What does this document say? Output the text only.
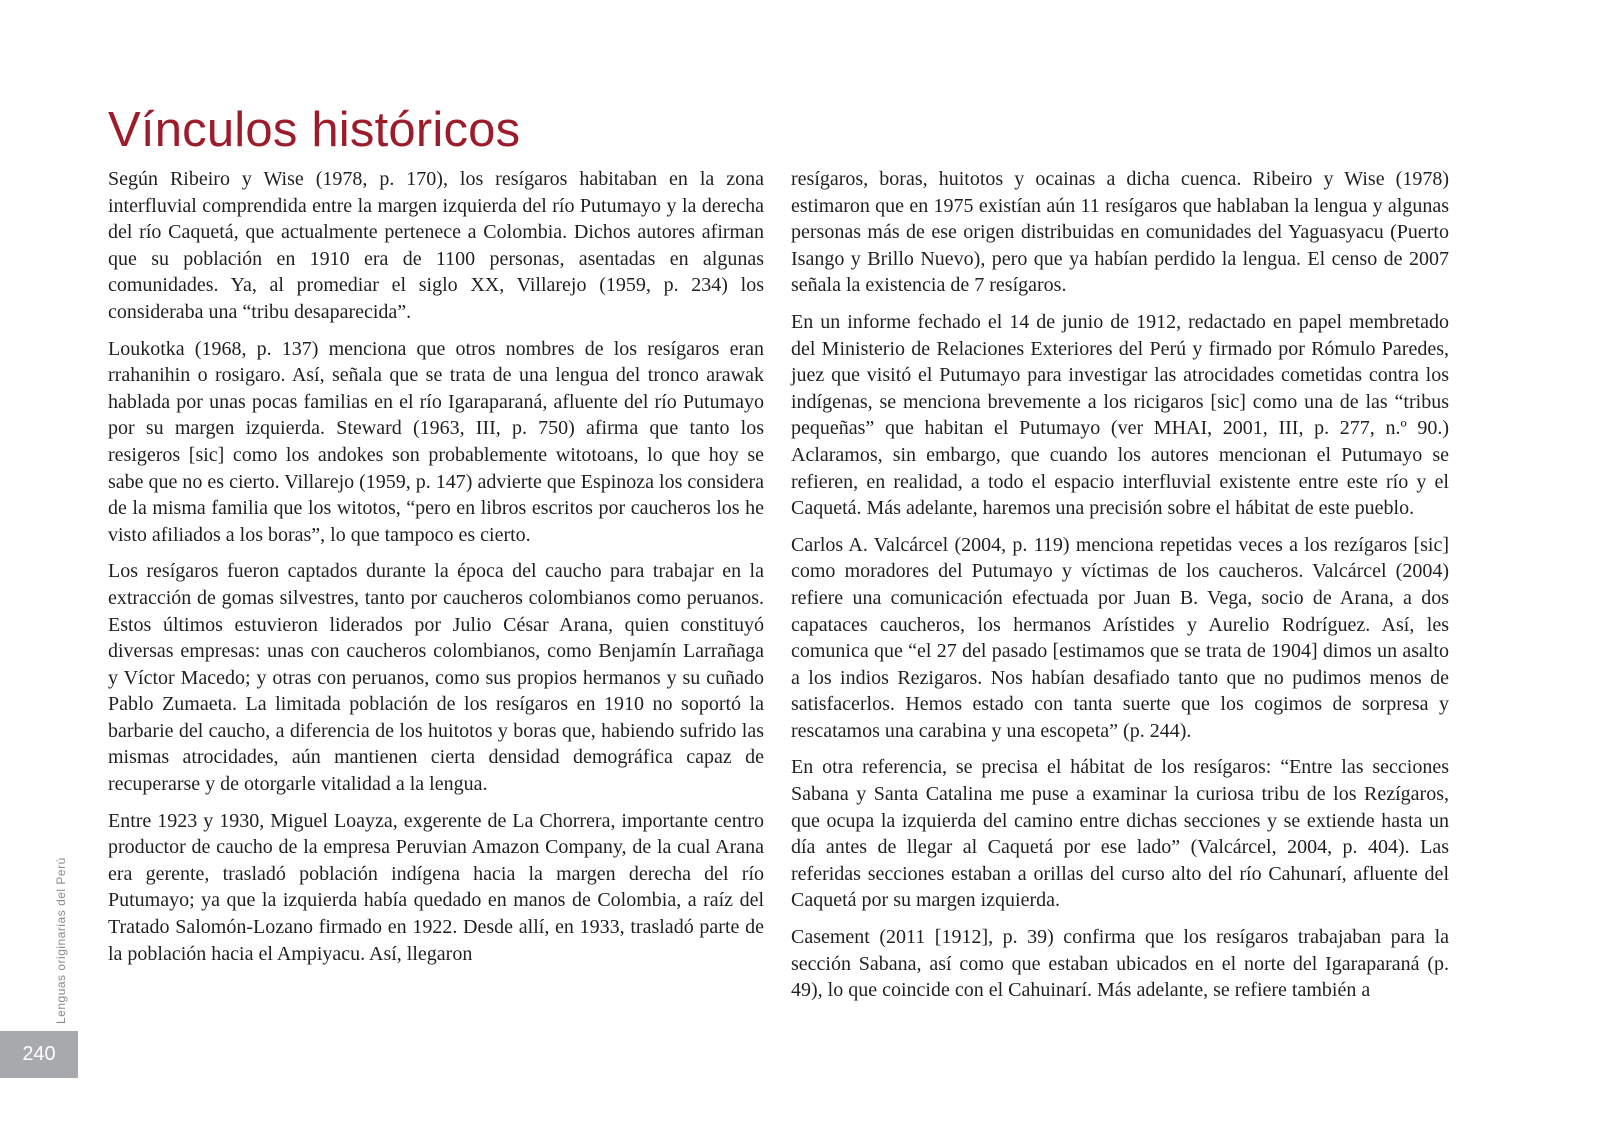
Vínculos históricos

Según Ribeiro y Wise (1978, p. 170), los resígaros habitaban en la zona interfluvial comprendida entre la margen izquierda del río Putumayo y la derecha del río Caquetá, que actualmente pertenece a Colombia. Dichos autores afirman que su población en 1910 era de 1100 personas, asentadas en algunas comunidades. Ya, al promediar el siglo XX, Villarejo (1959, p. 234) los consideraba una “tribu desaparecida”.

Loukotka (1968, p. 137) menciona que otros nombres de los resígaros eran rrahanihin o rosigaro. Así, señala que se trata de una lengua del tronco arawak hablada por unas pocas familias en el río Igaraparaná, afluente del río Putumayo por su margen izquierda. Steward (1963, III, p. 750) afirma que tanto los resigeros [sic] como los andokes son probablemente witotoans, lo que hoy se sabe que no es cierto. Villarejo (1959, p. 147) advierte que Espinoza los considera de la misma familia que los witotos, “pero en libros escritos por caucheros los he visto afiliados a los boras”, lo que tampoco es cierto.

Los resígaros fueron captados durante la época del caucho para trabajar en la extracción de gomas silvestres, tanto por caucheros colombianos como peruanos. Estos últimos estuvieron liderados por Julio César Arana, quien constituyó diversas empresas: unas con caucheros colombianos, como Benjamín Larrañaga y Víctor Macedo; y otras con peruanos, como sus propios hermanos y su cuñado Pablo Zumaeta. La limitada población de los resígaros en 1910 no soportó la barbarie del caucho, a diferencia de los huitotos y boras que, habiendo sufrido las mismas atrocidades, aún mantienen cierta densidad demográfica capaz de recuperarse y de otorgarle vitalidad a la lengua.

Entre 1923 y 1930, Miguel Loayza, exgerente de La Chorrera, importante centro productor de caucho de la empresa Peruvian Amazon Company, de la cual Arana era gerente, trasladó población indígena hacia la margen derecha del río Putumayo; ya que la izquierda había quedado en manos de Colombia, a raíz del Tratado Salomón-Lozano firmado en 1922. Desde allí, en 1933, trasladó parte de la población hacia el Ampiyacu. Así, llegaron

resígaros, boras, huitotos y ocainas a dicha cuenca. Ribeiro y Wise (1978) estimaron que en 1975 existían aún 11 resígaros que hablaban la lengua y algunas personas más de ese origen distribuidas en comunidades del Yaguasyacu (Puerto Isango y Brillo Nuevo), pero que ya habían perdido la lengua. El censo de 2007 señala la existencia de 7 resígaros.

En un informe fechado el 14 de junio de 1912, redactado en papel membretado del Ministerio de Relaciones Exteriores del Perú y firmado por Rómulo Paredes, juez que visitó el Putumayo para investigar las atrocidades cometidas contra los indígenas, se menciona brevemente a los ricigaros [sic] como una de las “tribus pequeñas” que habitan el Putumayo (ver MHAI, 2001, III, p. 277, n.º 90.) Aclaramos, sin embargo, que cuando los autores mencionan el Putumayo se refieren, en realidad, a todo el espacio interfluvial existente entre este río y el Caquetá. Más adelante, haremos una precisión sobre el hábitat de este pueblo.

Carlos A. Valcárcel (2004, p. 119) menciona repetidas veces a los rezígaros [sic] como moradores del Putumayo y víctimas de los caucheros. Valcárcel (2004) refiere una comunicación efectuada por Juan B. Vega, socio de Arana, a dos capataces caucheros, los hermanos Arístides y Aurelio Rodríguez. Así, les comunica que “el 27 del pasado [estimamos que se trata de 1904] dimos un asalto a los indios Rezigaros. Nos habían desafiado tanto que no pudimos menos de satisfacerlos. Hemos estado con tanta suerte que los cogimos de sorpresa y rescatamos una carabina y una escopeta” (p. 244).

En otra referencia, se precisa el hábitat de los resígaros: “Entre las secciones Sabana y Santa Catalina me puse a examinar la curiosa tribu de los Rezígaros, que ocupa la izquierda del camino entre dichas secciones y se extiende hasta un día antes de llegar al Caquetá por ese lado” (Valcárcel, 2004, p. 404). Las referidas secciones estaban a orillas del curso alto del río Cahunarí, afluente del Caquetá por su margen izquierda.

Casement (2011 [1912], p. 39) confirma que los resígaros trabajaban para la sección Sabana, así como que estaban ubicados en el norte del Igaraparaná (p. 49), lo que coincide con el Cahuinarí. Más adelante, se refiere también a

Lenguas originarias del Perú
240
